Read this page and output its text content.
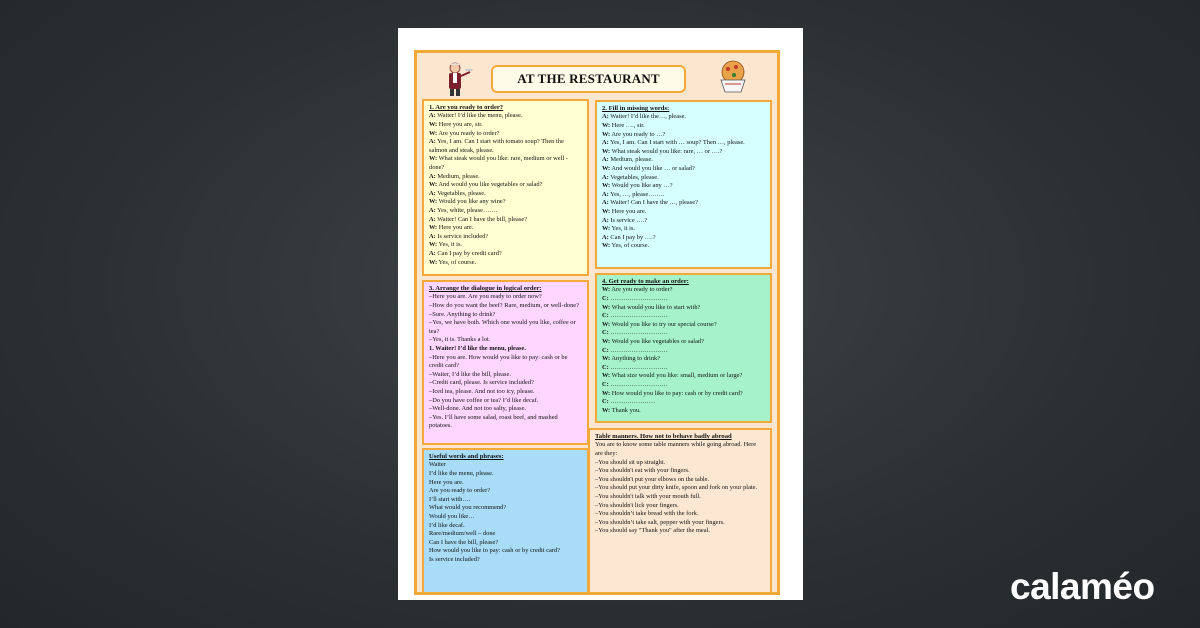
AT THE RESTAURANT
1. Are you ready to order?
A: Waiter! I’d like the menu, please.
W: Here you are, sir.
W: Are you ready to order?
A: Yes, I am. Can I start with tomato soup? Then the salmon and steak, please.
W: What steak would you like: rare, medium or well - done?
A: Medium, please.
W: And would you like vegetables or salad?
A: Vegetables, please.
W: Would you like any wine?
A: Yes, white, please…….
A: Waiter! Can I have the bill, please?
W: Here you are.
A: Is service included?
W: Yes, it is.
A: Can I pay by credit card?
W: Yes, of course.
2. Fill in missing words:
A: Waiter! I’d like the…, please.
W: Here …., sir.
W: Are you ready to …?
A: Yes, I am. Can I start with … soup? Then …, please.
W: What steak would you like: rare, … or ….?
A: Medium, please.
W: And would you like … or salad?
A: Vegetables, please.
W: Would you like any …?
A: Yes, …, please……..
A: Waiter! Can I have the …, please?
W: Here you are.
A: Is service ….?
W: Yes, it is.
A: Can I pay by ….?
W: Yes, of course.
3. Arrange the dialogue in logical order:
–Here you are. Are you ready to order now?
–How do you want the beef? Rare, medium, or well-done?
–Sure. Anything to drink?
–Yes, we have both. Which one would you like, coffee or tea?
–Yes, it is. Thanks a lot.
1. Waiter! I’d like the menu, please.
–Here you are. How would you like to pay: cash or be credit card?
–Waiter, I’d like the bill, please.
–Credit card, please. Is service included?
–Iced tea, please. And not too icy, please.
–Do you have coffee or tea? I’d like decaf.
–Well-done. And not too salty, please.
–Yes. I’ll have some salad, roast beef, and mashed potatoes.
4. Get ready to make an order:
W: Are you ready to order?
C: ………………………
W: What would you like to start with?
C: ………………………
W: Would you like to try our special course?
C: ………………………
W: Would you like vegetables or salad?
C: ………………………
W: Anything to drink?
C: ………………………
W: What size would you like: small, medium or large?
C: ………………………
W: How would you like to pay: cash or by credit card?
C: …………………
W: Thank you.
Useful words and phrases:
Waiter
I’d like the menu, please.
Here you are.
Are you ready to order?
I’ll start with….
What would you recommend?
Would you like…
I’d like decaf.
Rare/medium/well – done
Can I have the bill, please?
How would you like to pay: cash or by credit card?
Is service included?
Table manners. How not to behave badly abroad
You are to know some table manners while going abroad. Here are they:
–You should sit up straight.
–You shouldn't eat with your fingers.
–You shouldn't put your elbows on the table.
–You should put your dirty knife, spoon and fork on your plate.
–You shouldn't talk with your mouth full.
–You shouldn't lick your fingers.
–You shouldn’t take bread with the fork.
–You shouldn’t take salt, pepper with your fingers.
–You should say "Thank you" after the meal.
calaméo
